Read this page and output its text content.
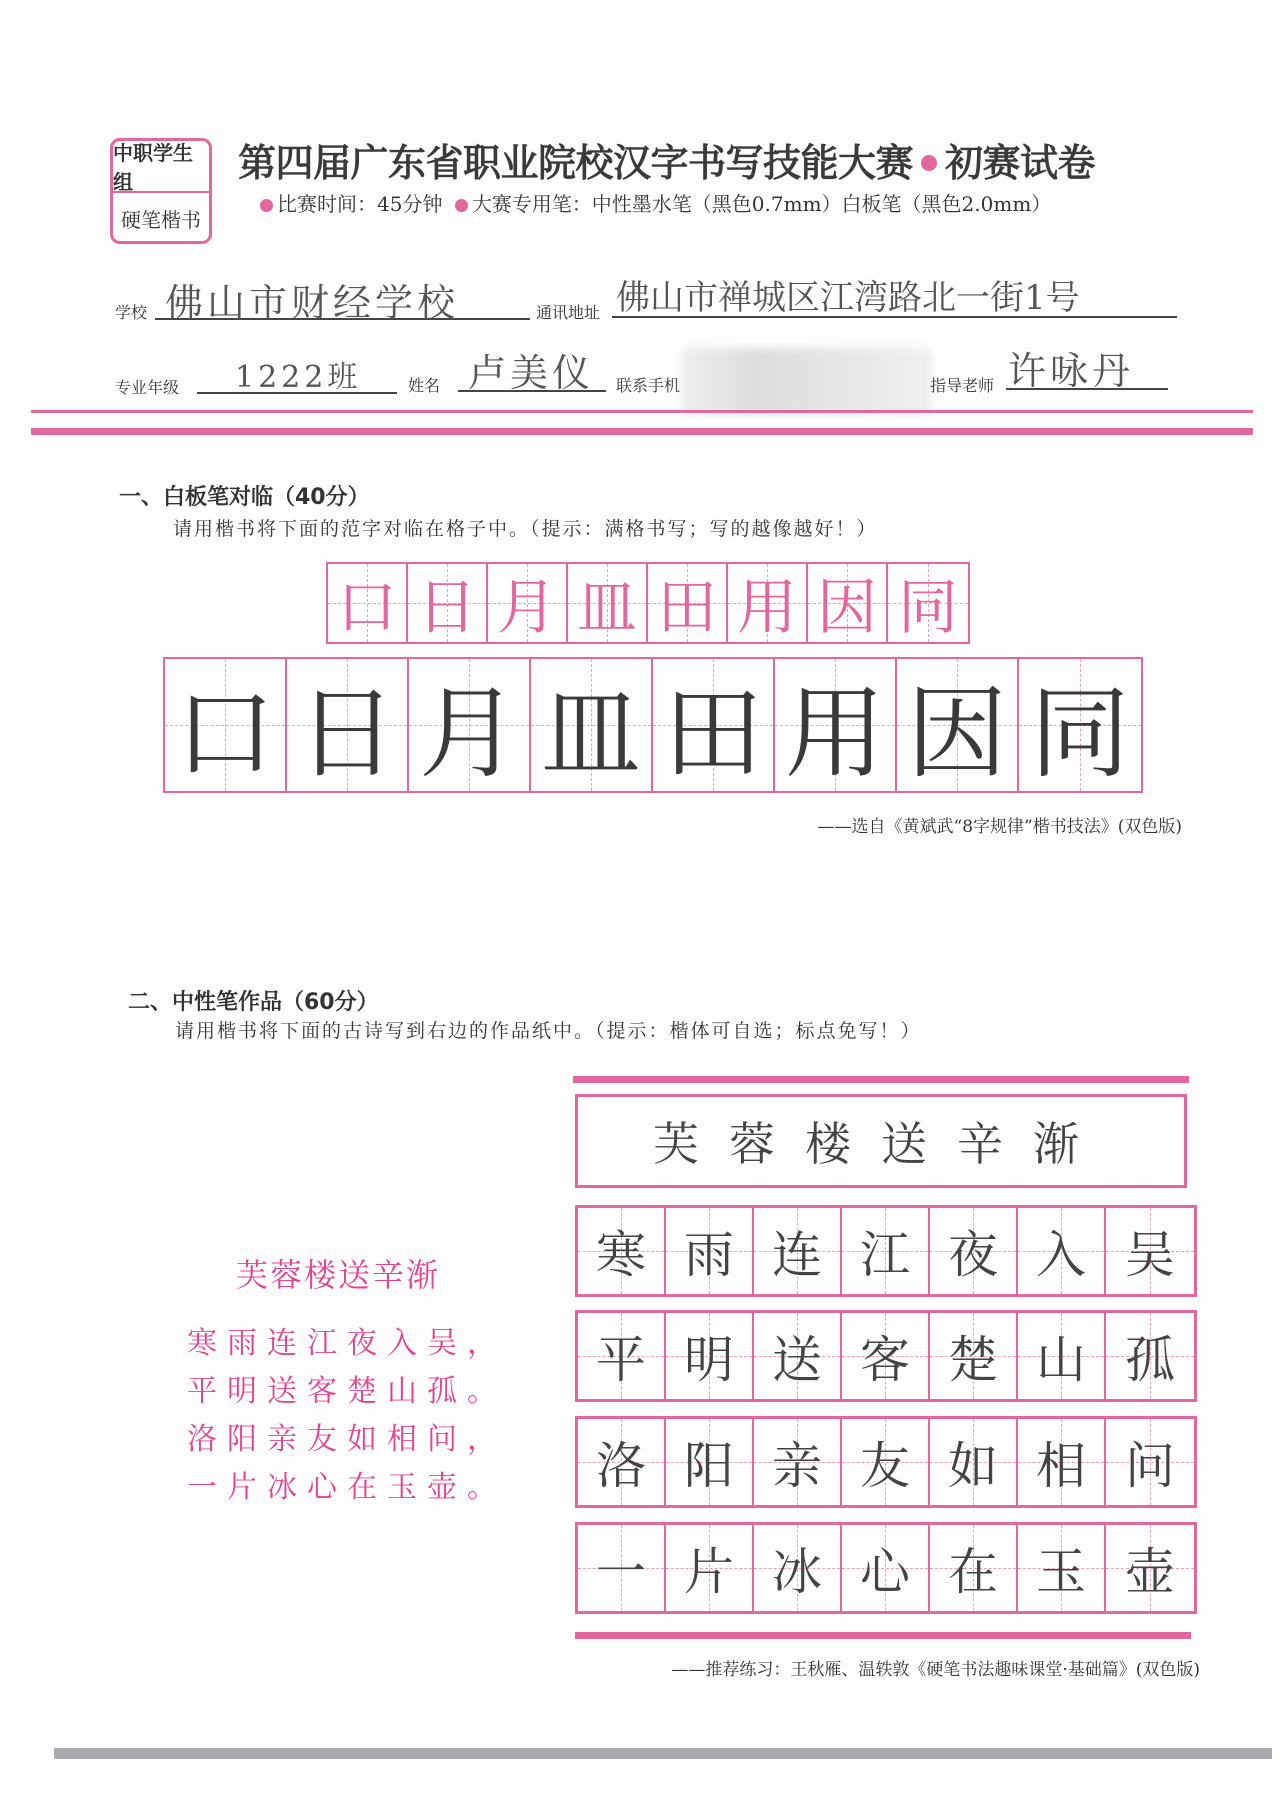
中职学生组
硬笔楷书
第四届广东省职业院校汉字书写技能大赛 初赛试卷
比赛时间：45分钟 大赛专用笔：中性墨水笔（黑色0.7mm）白板笔（黑色2.0mm）
学校 佛山市财经学校	通讯地址 佛山市禅城区江湾路北一街1号
专业年级 1222班	姓名 卢美仪 联系手机	指导老师 许咏丹
一、白板笔对临（40分）
请用楷书将下面的范字对临在格子中。（提示：满格书写；写的越像越好！）
口 日 月 皿 田 用 因 同
口 日 月 皿 田 用 因 同
——选自《黄斌武“8字规律”楷书技法》(双色版)
二、中性笔作品（60分）
请用楷书将下面的古诗写到右边的作品纸中。（提示：楷体可自选；标点免写！）
芙蓉楼送辛渐
寒雨连江夜入吴，
平明送客楚山孤。
洛阳亲友如相问，
一片冰心在玉壶。
芙蓉楼送辛渐
寒 雨 连 江 夜 入 吴
平 明 送 客 楚 山 孤
洛 阳 亲 友 如 相 问
一 片 冰 心 在 玉 壶
——推荐练习：王秋雁、温轶敦《硬笔书法趣味课堂·基础篇》(双色版)
